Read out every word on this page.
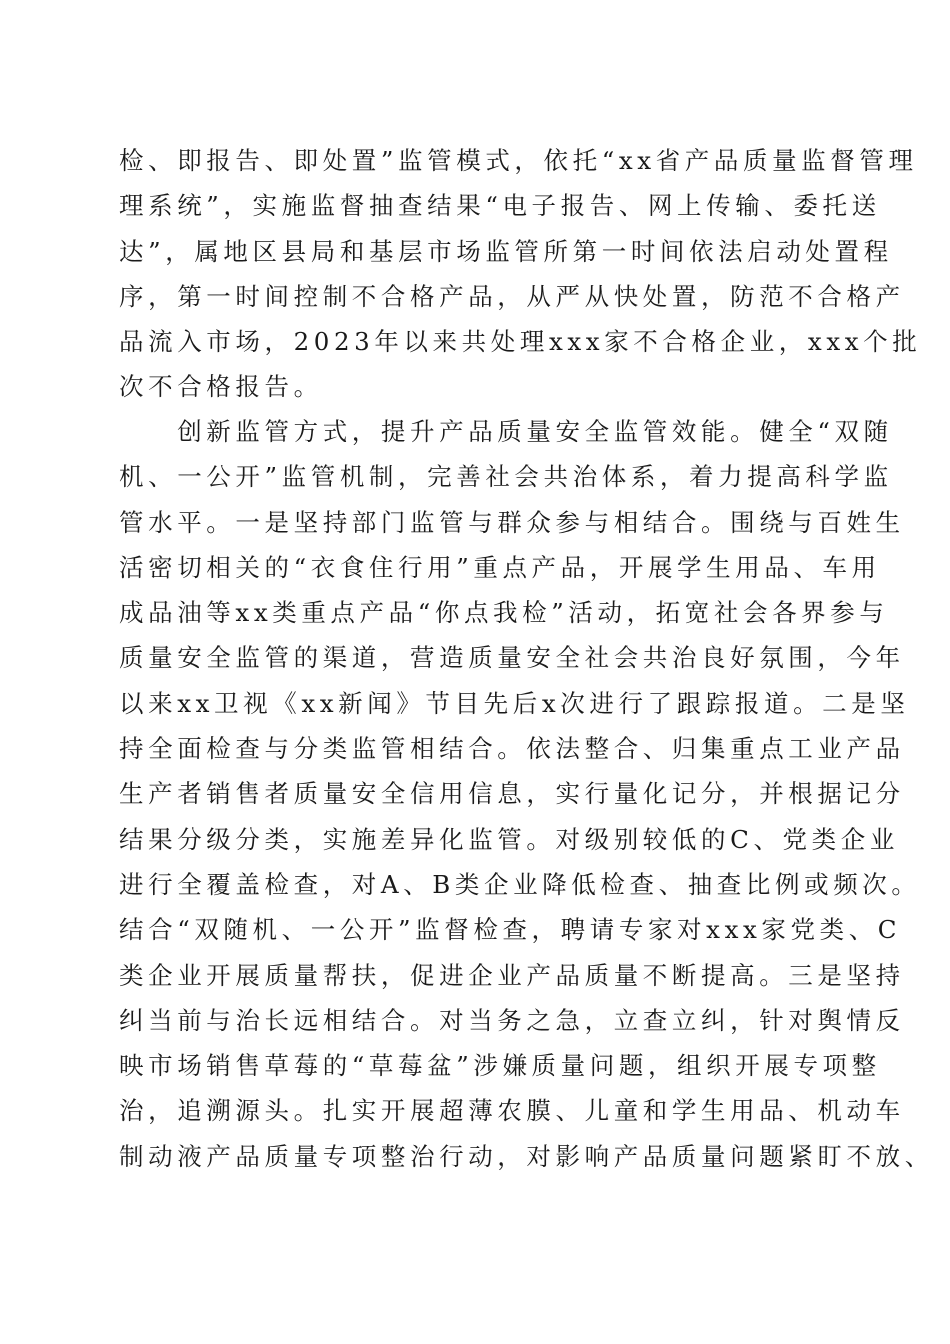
检、即报告、即处置”监管模式，依托“xx省产品质量监督管理
理系统”，实施监督抽查结果“电子报告、网上传输、委托送
达”，属地区县局和基层市场监管所第一时间依法启动处置程
序，第一时间控制不合格产品，从严从快处置，防范不合格产
品流入市场，2023年以来共处理xxx家不合格企业，xxx个批
次不合格报告。
　　创新监管方式，提升产品质量安全监管效能。健全“双随
机、一公开”监管机制，完善社会共治体系，着力提高科学监
管水平。一是坚持部门监管与群众参与相结合。围绕与百姓生
活密切相关的“衣食住行用”重点产品，开展学生用品、车用
成品油等xx类重点产品“你点我检”活动，拓宽社会各界参与
质量安全监管的渠道，营造质量安全社会共治良好氛围，今年
以来xx卫视《xx新闻》节目先后x次进行了跟踪报道。二是坚
持全面检查与分类监管相结合。依法整合、归集重点工业产品
生产者销售者质量安全信用信息，实行量化记分，并根据记分
结果分级分类，实施差异化监管。对级别较低的C、党类企业
进行全覆盖检查，对A、B类企业降低检查、抽查比例或频次。
结合“双随机、一公开”监督检查，聘请专家对xxx家党类、C
类企业开展质量帮扶，促进企业产品质量不断提高。三是坚持
纠当前与治长远相结合。对当务之急，立查立纠，针对舆情反
映市场销售草莓的“草莓盆”涉嫌质量问题，组织开展专项整
治，追溯源头。扎实开展超薄农膜、儿童和学生用品、机动车
制动液产品质量专项整治行动，对影响产品质量问题紧盯不放、
